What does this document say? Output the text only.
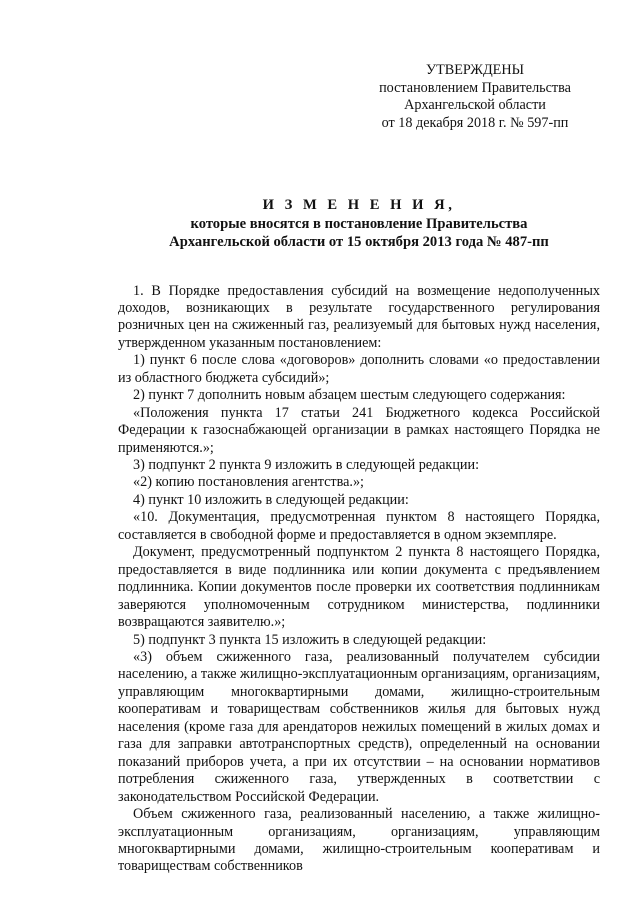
УТВЕРЖДЕНЫ
постановлением Правительства
Архангельской области
от 18 декабря 2018 г. № 597-пп
И З М Е Н Е Н И Я,
которые вносятся в постановление Правительства
Архангельской области от 15 октября 2013 года № 487-пп

1. В Порядке предоставления субсидий на возмещение недополученных доходов, возникающих в результате государственного регулирования розничных цен на сжиженный газ, реализуемый для бытовых нужд населения, утвержденном указанным постановлением:

1) пункт 6 после слова «договоров» дополнить словами «о предоставлении из областного бюджета субсидий»;

2) пункт 7 дополнить новым абзацем шестым следующего содержания:

«Положения пункта 17 статьи 241 Бюджетного кодекса Российской Федерации к газоснабжающей организации в рамках настоящего Порядка не применяются.»;

3) подпункт 2 пункта 9 изложить в следующей редакции:

«2) копию постановления агентства.»;

4) пункт 10 изложить в следующей редакции:

«10. Документация, предусмотренная пунктом 8 настоящего Порядка, составляется в свободной форме и предоставляется в одном экземпляре.

Документ, предусмотренный подпунктом 2 пункта 8 настоящего Порядка, предоставляется в виде подлинника или копии документа с предъявлением подлинника. Копии документов после проверки их соответствия подлинникам заверяются уполномоченным сотрудником министерства, подлинники возвращаются заявителю.»;

5) подпункт 3 пункта 15 изложить в следующей редакции:

«3) объем сжиженного газа, реализованный получателем субсидии населению, а также жилищно-эксплуатационным организациям, организациям, управляющим многоквартирными домами, жилищно-строительным кооперативам и товариществам собственников жилья для бытовых нужд населения (кроме газа для арендаторов нежилых помещений в жилых домах и газа для заправки автотранспортных средств), определенный на основании показаний приборов учета, а при их отсутствии – на основании нормативов потребления сжиженного газа, утвержденных в соответствии с законодательством Российской Федерации.

Объем сжиженного газа, реализованный населению, а также жилищно-эксплуатационным организациям, организациям, управляющим многоквартирными домами, жилищно-строительным кооперативам и товариществам собственников
